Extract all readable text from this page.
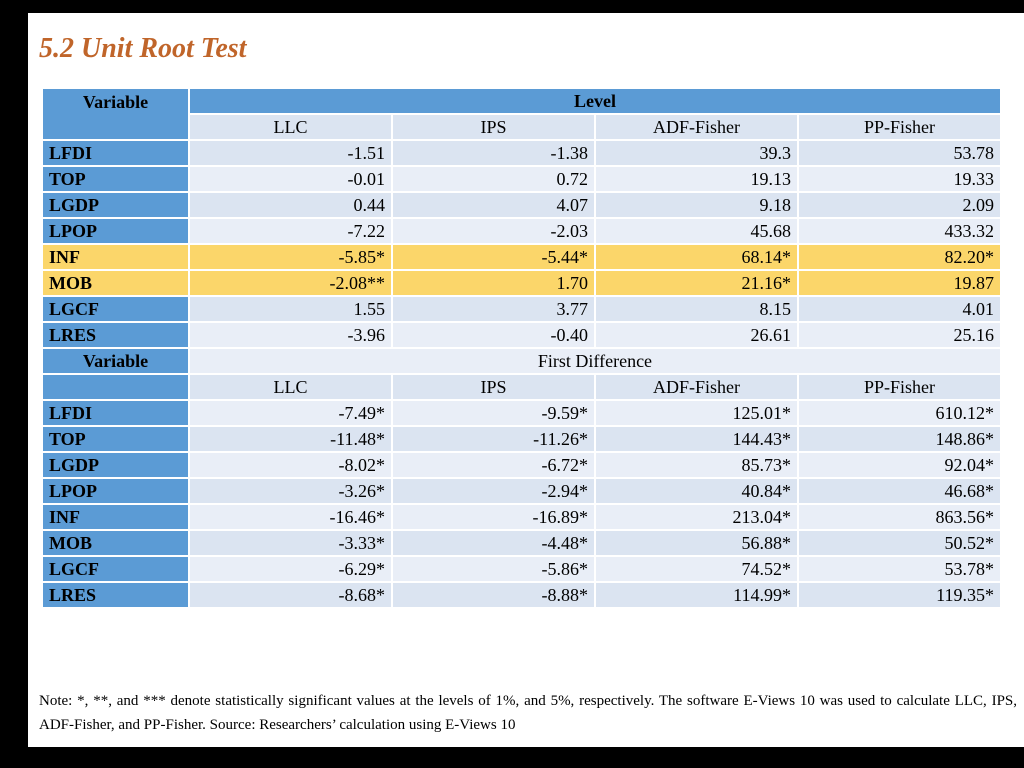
5.2 Unit Root Test
Variable	Level			
	LLC	IPS	ADF-Fisher	PP-Fisher
LFDI	-1.51	-1.38	39.3	53.78
TOP	-0.01	0.72	19.13	19.33
LGDP	0.44	4.07	9.18	2.09
LPOP	-7.22	-2.03	45.68	433.32
INF	-5.85*	-5.44*	68.14*	82.20*
MOB	-2.08**	1.70	21.16*	19.87
LGCF	1.55	3.77	8.15	4.01
LRES	-3.96	-0.40	26.61	25.16
Variable	First Difference			
	LLC	IPS	ADF-Fisher	PP-Fisher
LFDI	-7.49*	-9.59*	125.01*	610.12*
TOP	-11.48*	-11.26*	144.43*	148.86*
LGDP	-8.02*	-6.72*	85.73*	92.04*
LPOP	-3.26*	-2.94*	40.84*	46.68*
INF	-16.46*	-16.89*	213.04*	863.56*
MOB	-3.33*	-4.48*	56.88*	50.52*
LGCF	-6.29*	-5.86*	74.52*	53.78*
LRES	-8.68*	-8.88*	114.99*	119.35*

Note: *, **, and *** denote statistically significant values at the levels of 1%, and 5%, respectively. The software E-Views 10 was used to calculate LLC, IPS, ADF-Fisher, and PP-Fisher. Source: Researchers’ calculation using E-Views 10
